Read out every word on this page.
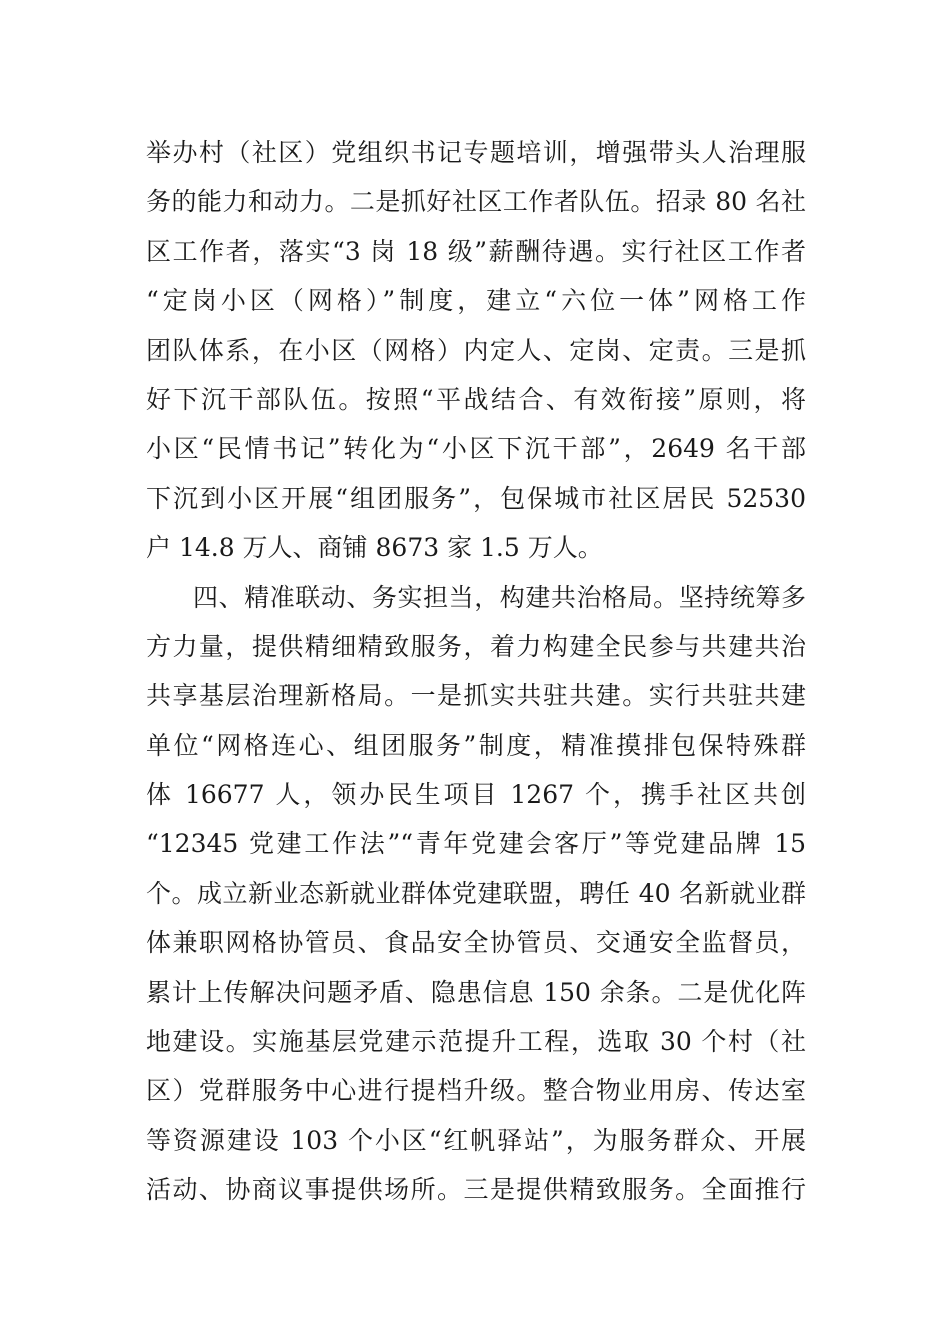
举办村（社区）党组织书记专题培训，增强带头人治理服
务的能力和动力。二是抓好社区工作者队伍。招录 80 名社
区工作者，落实“3 岗 18 级”薪酬待遇。实行社区工作者
“定岗小区（网格）”制度，建立“六位一体”网格工作
团队体系，在小区（网格）内定人、定岗、定责。三是抓
好下沉干部队伍。按照“平战结合、有效衔接”原则，将
小区“民情书记”转化为“小区下沉干部”，2649 名干部
下沉到小区开展“组团服务”，包保城市社区居民 52530
户 14.8 万人、商铺 8673 家 1.5 万人。
四、精准联动、务实担当，构建共治格局。坚持统筹多
方力量，提供精细精致服务，着力构建全民参与共建共治
共享基层治理新格局。一是抓实共驻共建。实行共驻共建
单位“网格连心、组团服务”制度，精准摸排包保特殊群
体 16677 人，领办民生项目 1267 个，携手社区共创
“12345 党建工作法”“青年党建会客厅”等党建品牌 15
个。成立新业态新就业群体党建联盟，聘任 40 名新就业群
体兼职网格协管员、食品安全协管员、交通安全监督员，
累计上传解决问题矛盾、隐患信息 150 余条。二是优化阵
地建设。实施基层党建示范提升工程，选取 30 个村（社
区）党群服务中心进行提档升级。整合物业用房、传达室
等资源建设 103 个小区“红帆驿站”，为服务群众、开展
活动、协商议事提供场所。三是提供精致服务。全面推行
